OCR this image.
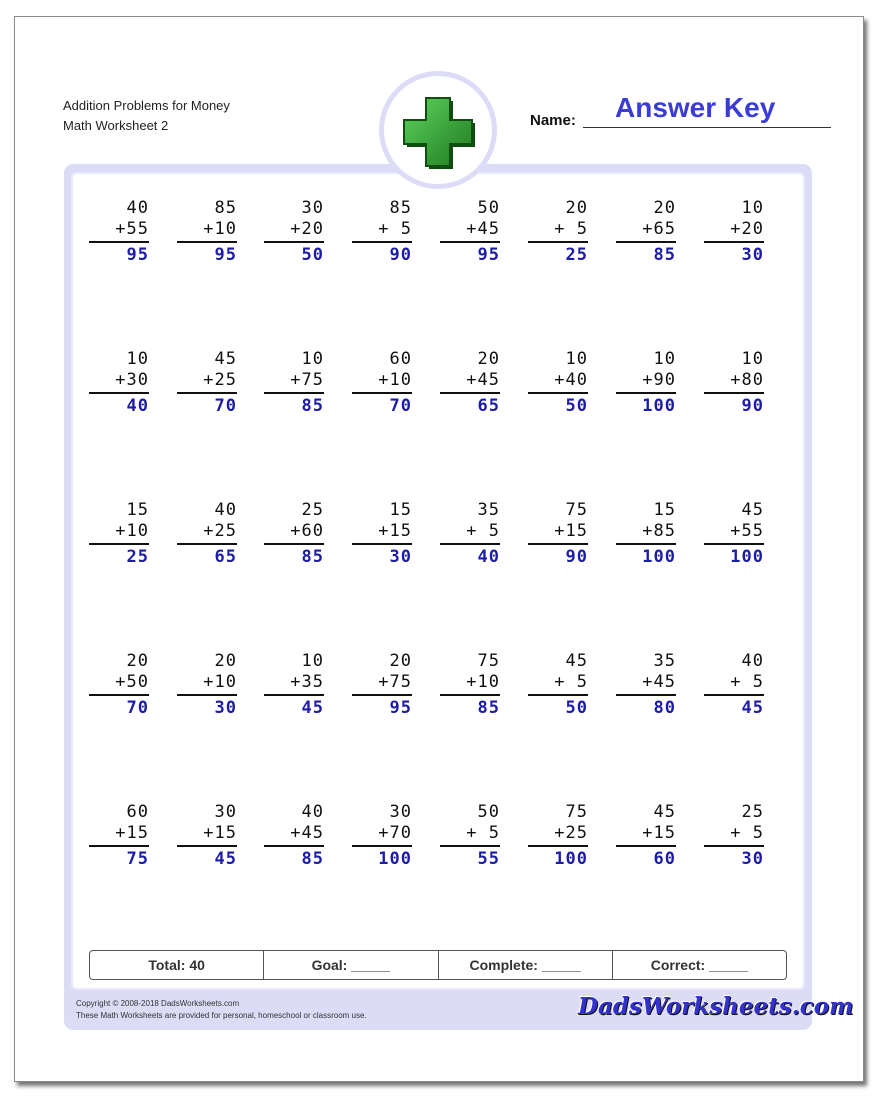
Addition Problems for Money
Math Worksheet 2	Name: Answer Key
40
+55
95
85
+10
95
30
+20
50
85
+ 5
90
50
+45
95
20
+ 5
25
20
+65
85
10
+20
30
10
+30
40
45
+25
70
10
+75
85
60
+10
70
20
+45
65
10
+40
50
10
+90
100
10
+80
90
15
+10
25
40
+25
65
25
+60
85
15
+15
30
35
+ 5
40
75
+15
90
15
+85
100
45
+55
100
20
+50
70
20
+10
30
10
+35
45
20
+75
95
75
+10
85
45
+ 5
50
35
+45
80
40
+ 5
45
60
+15
75
30
+15
45
40
+45
85
30
+70
100
50
+ 5
55
75
+25
100
45
+15
60
25
+ 5
30
Total: 40	Goal: _____	Complete: _____	Correct: _____
Copyright © 2008-2018 DadsWorksheets.com
These Math Worksheets are provided for personal, homeschool or classroom use.	DadsWorksheets.com
